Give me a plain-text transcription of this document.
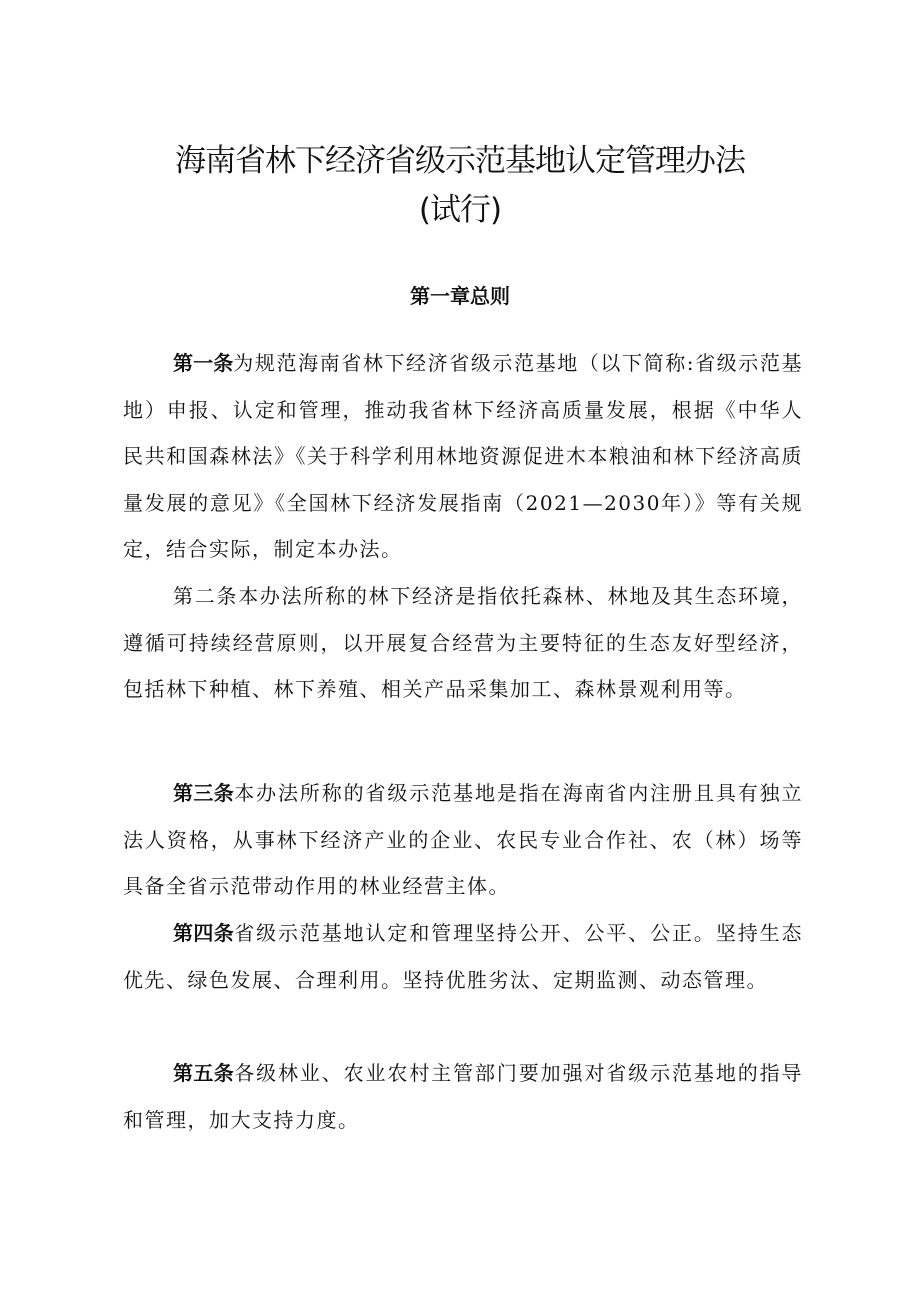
海南省林下经济省级示范基地认定管理办法
(试行)
第一章总则

第一条为规范海南省林下经济省级示范基地（以下简称:省级示范基地）申报、认定和管理，推动我省林下经济高质量发展，根据《中华人民共和国森林法》《关于科学利用林地资源促进木本粮油和林下经济高质量发展的意见》《全国林下经济发展指南（2021—2030年）》等有关规定，结合实际，制定本办法。

第二条本办法所称的林下经济是指依托森林、林地及其生态环境，遵循可持续经营原则，以开展复合经营为主要特征的生态友好型经济，包括林下种植、林下养殖、相关产品采集加工、森林景观利用等。

第三条本办法所称的省级示范基地是指在海南省内注册且具有独立法人资格，从事林下经济产业的企业、农民专业合作社、农（林）场等具备全省示范带动作用的林业经营主体。

第四条省级示范基地认定和管理坚持公开、公平、公正。坚持生态优先、绿色发展、合理利用。坚持优胜劣汰、定期监测、动态管理。

第五条各级林业、农业农村主管部门要加强对省级示范基地的指导和管理，加大支持力度。
